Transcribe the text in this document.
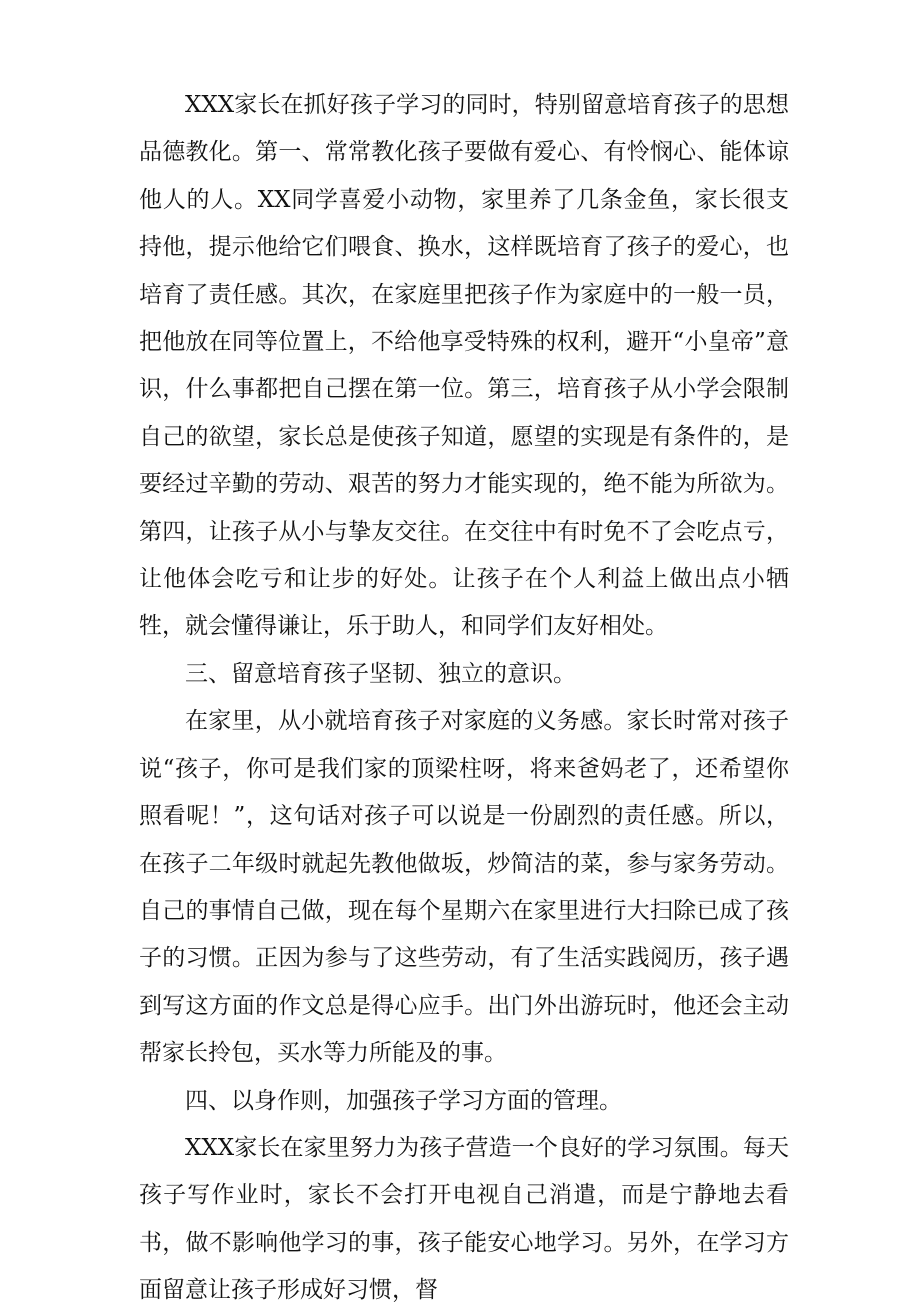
XXX家长在抓好孩子学习的同时，特别留意培育孩子的思想品德教化。第一、常常教化孩子要做有爱心、有怜悯心、能体谅他人的人。XX同学喜爱小动物，家里养了几条金鱼，家长很支持他，提示他给它们喂食、换水，这样既培育了孩子的爱心，也培育了责任感。其次，在家庭里把孩子作为家庭中的一般一员，把他放在同等位置上，不给他享受特殊的权利，避开“小皇帝”意识，什么事都把自己摆在第一位。第三，培育孩子从小学会限制自己的欲望，家长总是使孩子知道，愿望的实现是有条件的，是要经过辛勤的劳动、艰苦的努力才能实现的，绝不能为所欲为。第四，让孩子从小与挚友交往。在交往中有时免不了会吃点亏，让他体会吃亏和让步的好处。让孩子在个人利益上做出点小牺牲，就会懂得谦让，乐于助人，和同学们友好相处。

三、留意培育孩子坚韧、独立的意识。

在家里，从小就培育孩子对家庭的义务感。家长时常对孩子说“孩子，你可是我们家的顶梁柱呀，将来爸妈老了，还希望你照看呢！”，这句话对孩子可以说是一份剧烈的责任感。所以，在孩子二年级时就起先教他做坂，炒简洁的菜，参与家务劳动。自己的事情自己做，现在每个星期六在家里进行大扫除已成了孩子的习惯。正因为参与了这些劳动，有了生活实践阅历，孩子遇到写这方面的作文总是得心应手。出门外出游玩时，他还会主动帮家长拎包，买水等力所能及的事。

四、以身作则，加强孩子学习方面的管理。

XXX家长在家里努力为孩子营造一个良好的学习氛围。每天孩子写作业时，家长不会打开电视自己消遣，而是宁静地去看书，做不影响他学习的事，孩子能安心地学习。另外，在学习方面留意让孩子形成好习惯，督
